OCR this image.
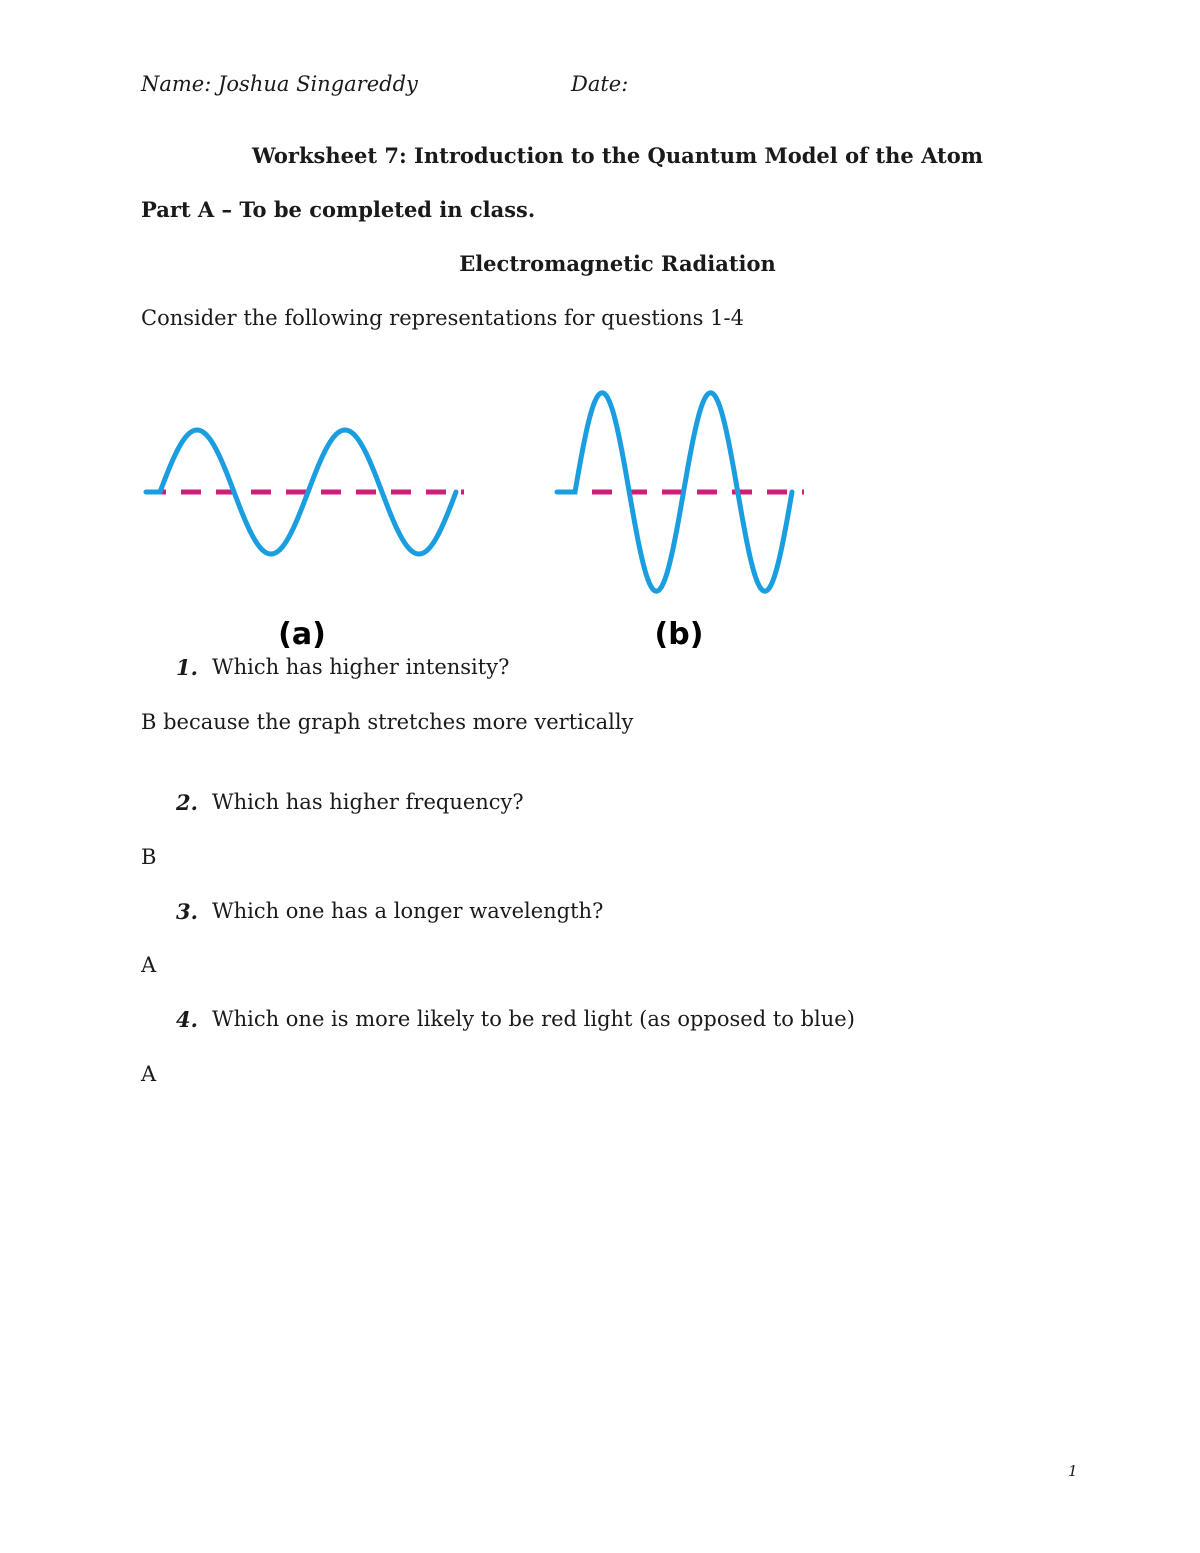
Name: Joshua Singareddy	Date:
Worksheet 7: Introduction to the Quantum Model of the Atom
Part A – To be completed in class.
Electromagnetic Radiation
Consider the following representations for questions 1-4
(a)	(b)
1. Which has higher intensity?
B because the graph stretches more vertically
2. Which has higher frequency?
B
3. Which one has a longer wavelength?
A
4. Which one is more likely to be red light (as opposed to blue)
A
1
